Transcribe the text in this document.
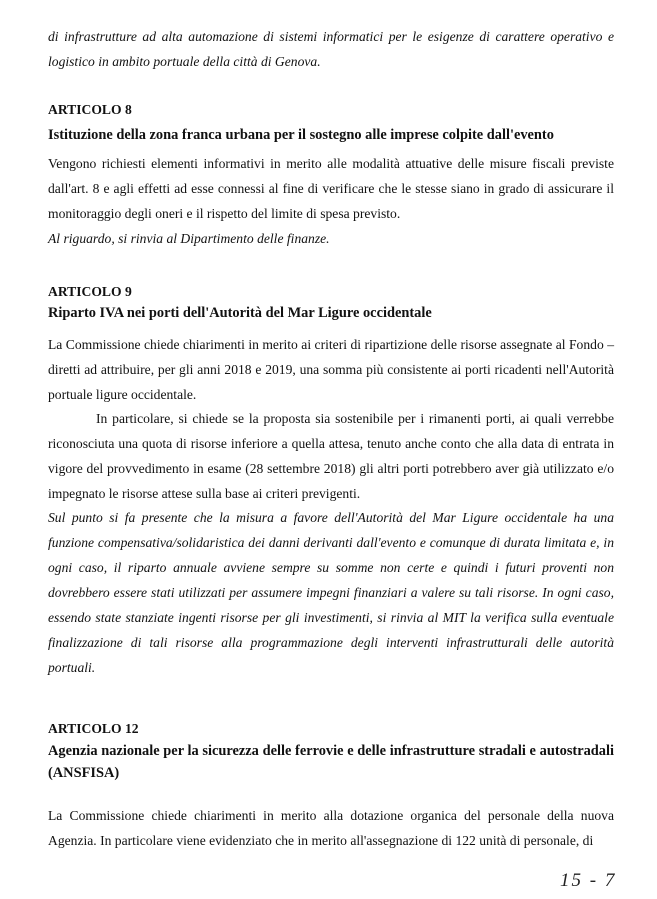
di infrastrutture ad alta automazione di sistemi informatici per le esigenze di carattere operativo e logistico in ambito portuale della città di Genova.

ARTICOLO 8
Istituzione della zona franca urbana per il sostegno alle imprese colpite dall'evento

Vengono richiesti elementi informativi in merito alle modalità attuative delle misure fiscali previste dall'art. 8 e agli effetti ad esse connessi al fine di verificare che le stesse siano in grado di assicurare il monitoraggio degli oneri e il rispetto del limite di spesa previsto.

Al riguardo, si rinvia al Dipartimento delle finanze.

ARTICOLO 9
Riparto IVA nei porti dell'Autorità del Mar Ligure occidentale

La Commissione chiede chiarimenti in merito ai criteri di ripartizione delle risorse assegnate al Fondo – diretti ad attribuire, per gli anni 2018 e 2019, una somma più consistente ai porti ricadenti nell'Autorità portuale ligure occidentale.

In particolare, si chiede se la proposta sia sostenibile per i rimanenti porti, ai quali verrebbe riconosciuta una quota di risorse inferiore a quella attesa, tenuto anche conto che alla data di entrata in vigore del provvedimento in esame (28 settembre 2018) gli altri porti potrebbero aver già utilizzato e/o impegnato le risorse attese sulla base ai criteri previgenti.

Sul punto si fa presente che la misura a favore dell'Autorità del Mar Ligure occidentale ha una funzione compensativa/solidaristica dei danni derivanti dall'evento e comunque di durata limitata e, in ogni caso, il riparto annuale avviene sempre su somme non certe e quindi i futuri proventi non dovrebbero essere stati utilizzati per assumere impegni finanziari a valere su tali risorse. In ogni caso, essendo state stanziate ingenti risorse per gli investimenti, si rinvia al MIT la verifica sulla eventuale finalizzazione di tali risorse alla programmazione degli interventi infrastrutturali delle autorità portuali.

ARTICOLO 12
Agenzia nazionale per la sicurezza delle ferrovie e delle infrastrutture stradali e autostradali (ANSFISA)

La Commissione chiede chiarimenti in merito alla dotazione organica del personale della nuova Agenzia. In particolare viene evidenziato che in merito all'assegnazione di 122 unità di personale, di

15 - 7
